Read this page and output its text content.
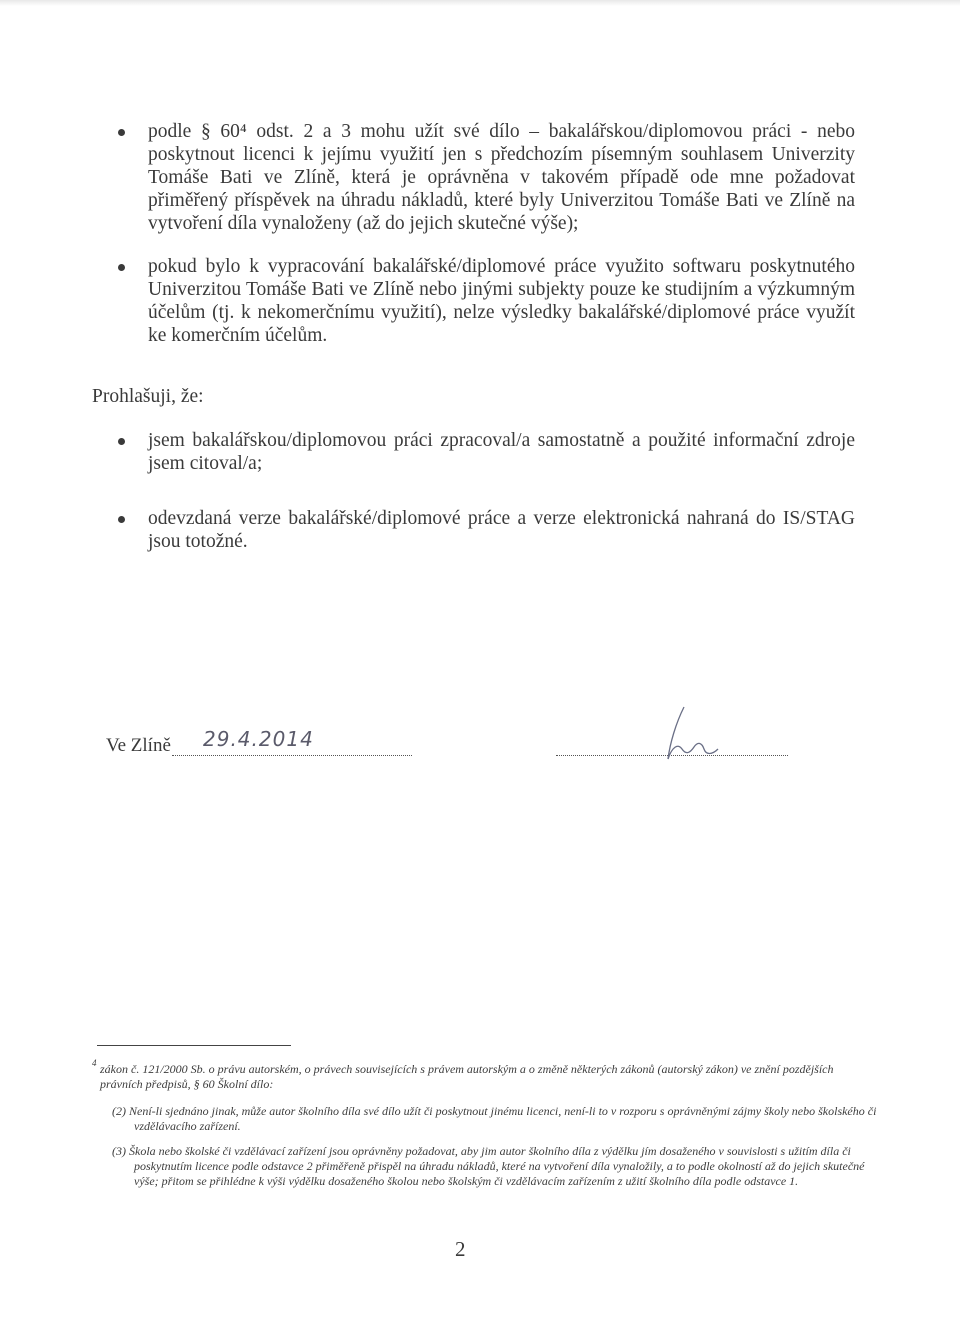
podle § 60⁴ odst. 2 a 3 mohu užít své dílo – bakalářskou/diplomovou práci - nebo poskytnout licenci k jejímu využití jen s předchozím písemným souhlasem Univerzity Tomáše Bati ve Zlíně, která je oprávněna v takovém případě ode mne požadovat přiměřený příspěvek na úhradu nákladů, které byly Univerzitou Tomáše Bati ve Zlíně na vytvoření díla vynaloženy (až do jejich skutečné výše);
pokud bylo k vypracování bakalářské/diplomové práce využito softwaru poskytnutého Univerzitou Tomáše Bati ve Zlíně nebo jinými subjekty pouze ke studijním a výzkumným účelům (tj. k nekomerčnímu využití), nelze výsledky bakalářské/diplomové práce využít ke komerčním účelům.
Prohlašuji, že:
jsem bakalářskou/diplomovou práci zpracoval/a samostatně a použité informační zdroje jsem citoval/a;
odevzdaná verze bakalářské/diplomové práce a verze elektronická nahraná do IS/STAG jsou totožné.
Ve Zlíně 29.4.2014
4 zákon č. 121/2000 Sb. o právu autorském, o právech souvisejících s právem autorským a o změně některých zákonů (autorský zákon) ve znění pozdějších právních předpisů, § 60 Školní dílo:
(2) Není-li sjednáno jinak, může autor školního díla své dílo užít či poskytnout jinému licenci, není-li to v rozporu s oprávněnými zájmy školy nebo školského či vzdělávacího zařízení.
(3) Škola nebo školské či vzdělávací zařízení jsou oprávněny požadovat, aby jim autor školního díla z výdělku jím dosaženého v souvislosti s užitím díla či poskytnutím licence podle odstavce 2 přiměřeně přispěl na úhradu nákladů, které na vytvoření díla vynaložily, a to podle okolností až do jejich skutečné výše; přitom se přihlédne k výši výdělku dosaženého školou nebo školským či vzdělávacím zařízením z užití školního díla podle odstavce 1.
2
